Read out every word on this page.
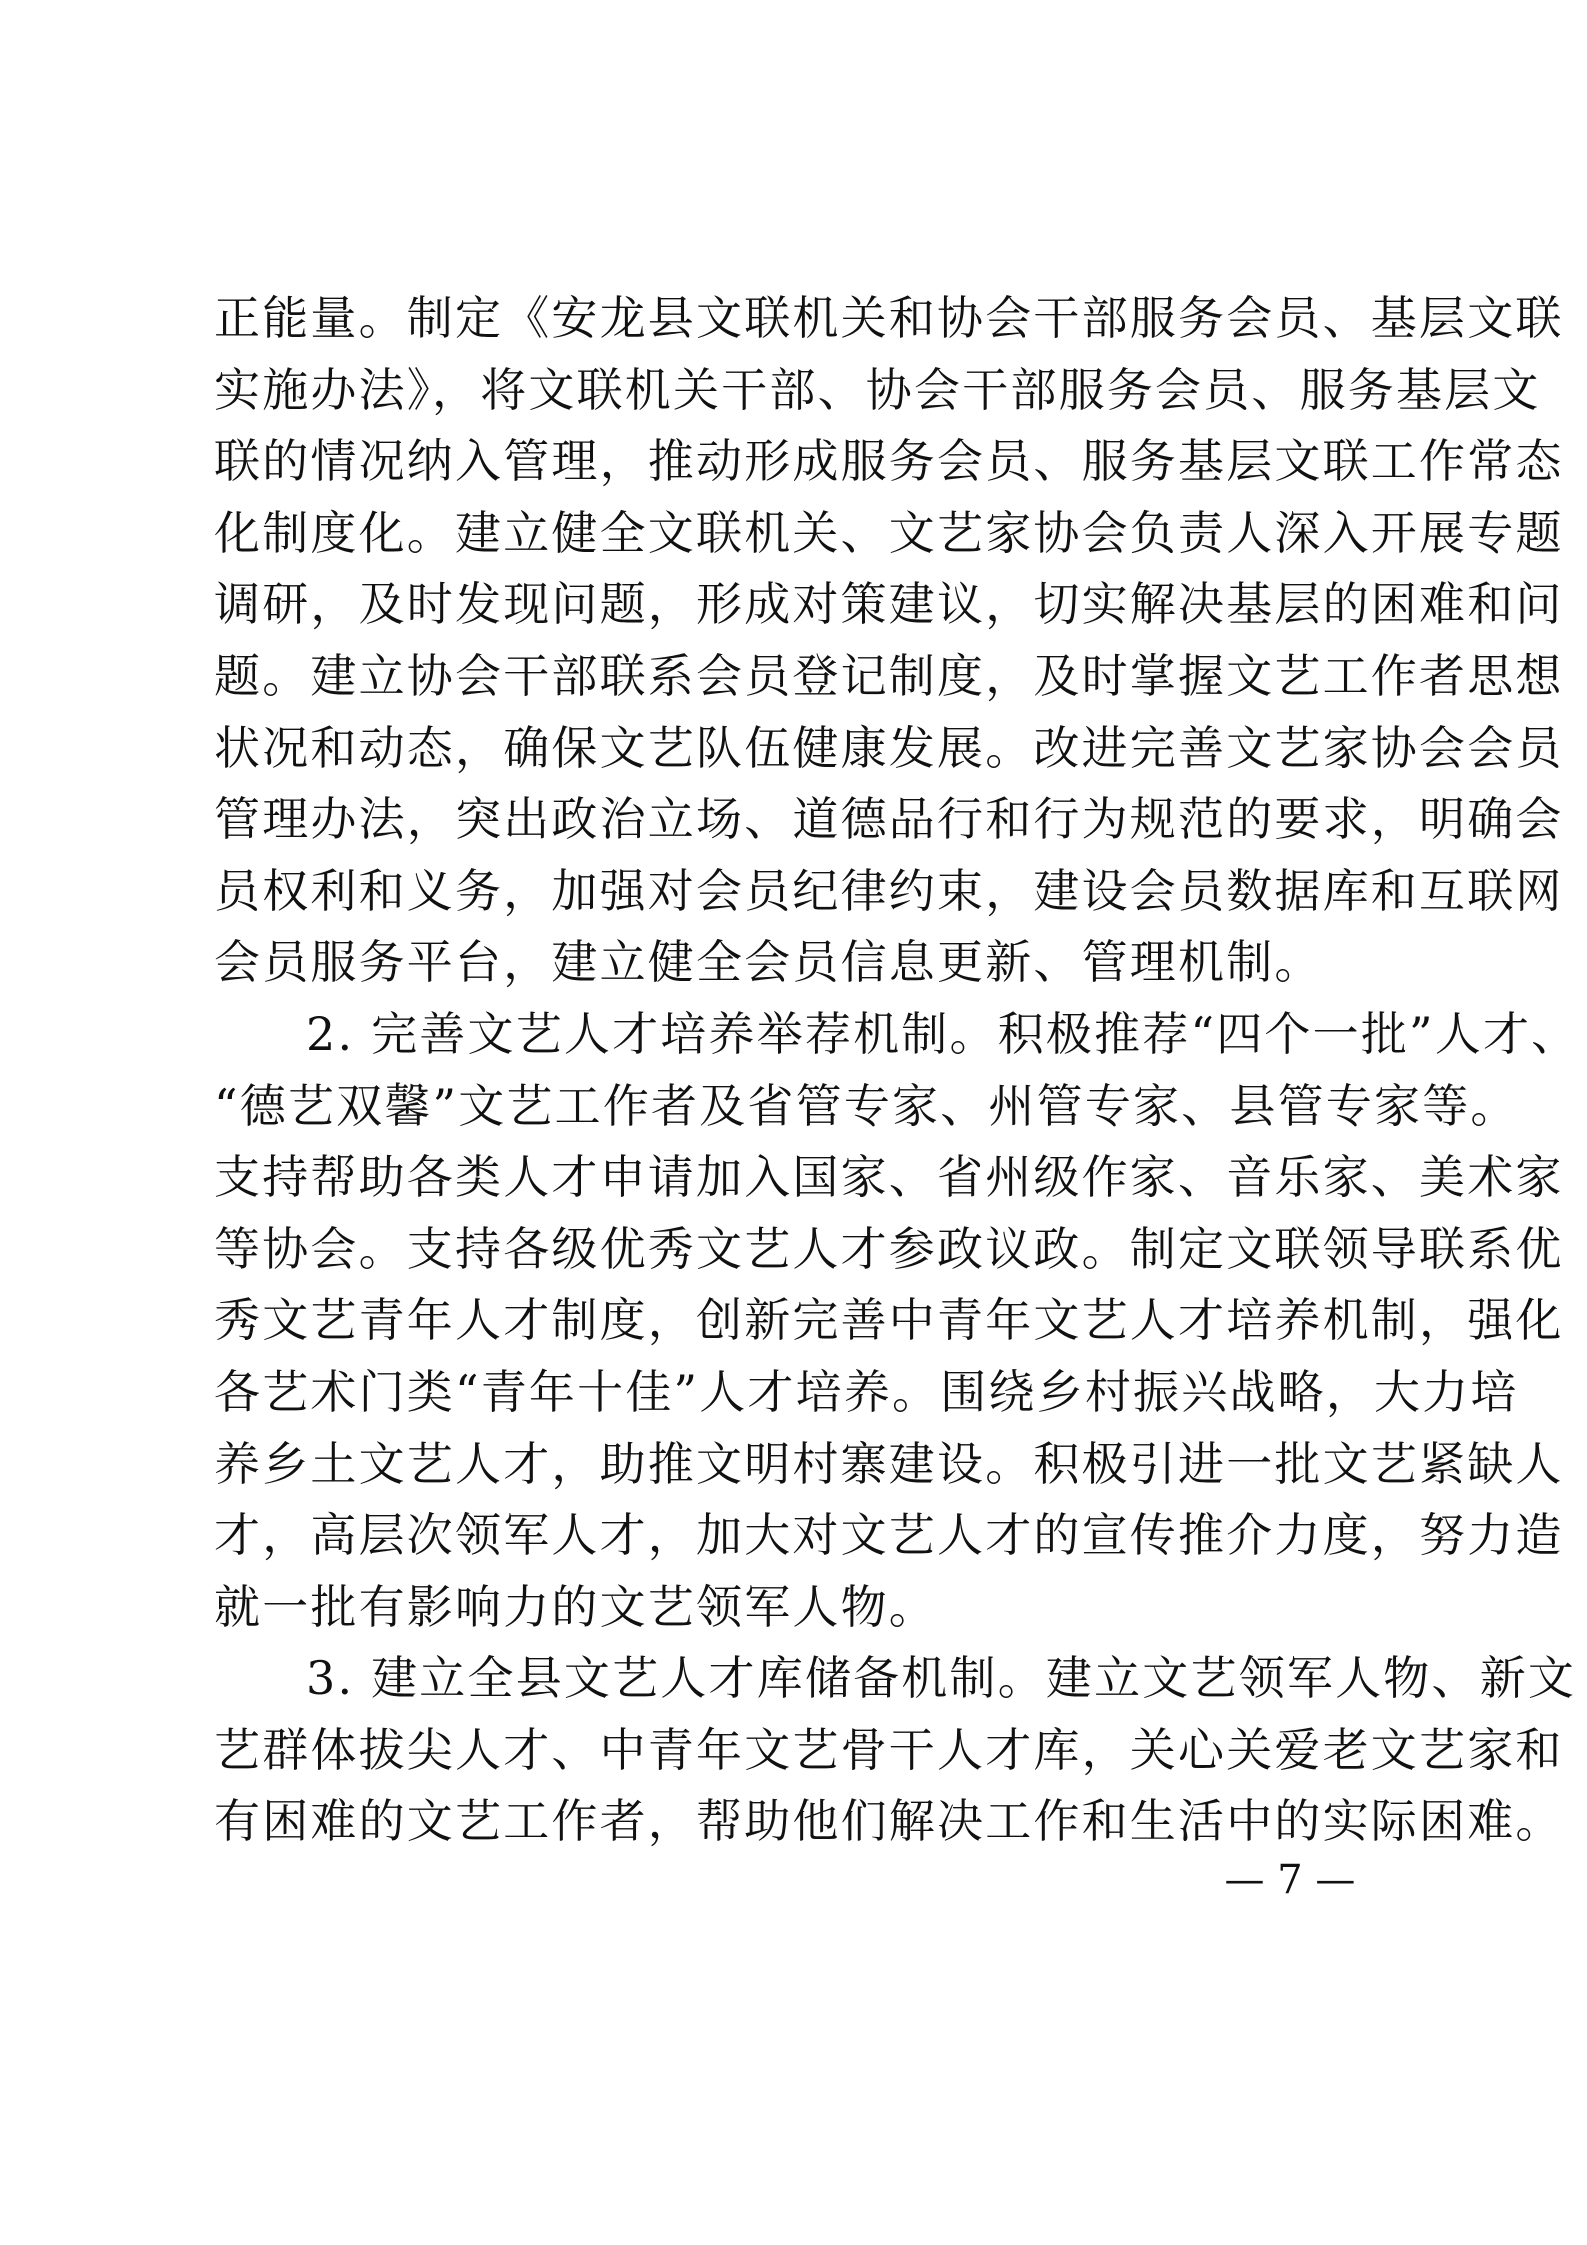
正能量。制定《安龙县文联机关和协会干部服务会员、基层文联
实施办法》，将文联机关干部、协会干部服务会员、服务基层文
联的情况纳入管理，推动形成服务会员、服务基层文联工作常态
化制度化。建立健全文联机关、文艺家协会负责人深入开展专题
调研，及时发现问题，形成对策建议，切实解决基层的困难和问
题。建立协会干部联系会员登记制度，及时掌握文艺工作者思想
状况和动态，确保文艺队伍健康发展。改进完善文艺家协会会员
管理办法，突出政治立场、道德品行和行为规范的要求，明确会
员权利和义务，加强对会员纪律约束，建设会员数据库和互联网
会员服务平台，建立健全会员信息更新、管理机制。
2. 完善文艺人才培养举荐机制。积极推荐“四个一批”人才、
“德艺双馨”文艺工作者及省管专家、州管专家、县管专家等。
支持帮助各类人才申请加入国家、省州级作家、音乐家、美术家
等协会。支持各级优秀文艺人才参政议政。制定文联领导联系优
秀文艺青年人才制度，创新完善中青年文艺人才培养机制，强化
各艺术门类“青年十佳”人才培养。围绕乡村振兴战略，大力培
养乡土文艺人才，助推文明村寨建设。积极引进一批文艺紧缺人
才，高层次领军人才，加大对文艺人才的宣传推介力度，努力造
就一批有影响力的文艺领军人物。
3. 建立全县文艺人才库储备机制。建立文艺领军人物、新文
艺群体拔尖人才、中青年文艺骨干人才库，关心关爱老文艺家和
有困难的文艺工作者，帮助他们解决工作和生活中的实际困难。
— 7 —
